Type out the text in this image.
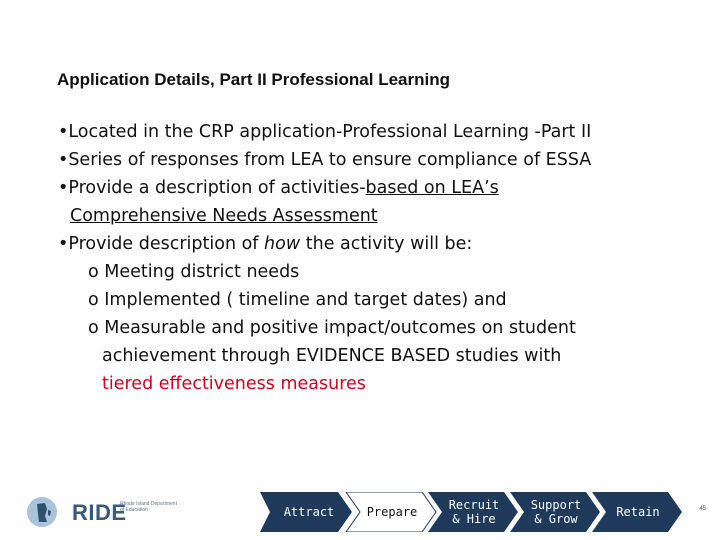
Application Details, Part II Professional Learning
•Located in the CRP application-Professional Learning -Part II
•Series of responses from LEA to ensure compliance of ESSA
•Provide a description of activities-based on LEA’s
Comprehensive Needs Assessment
•Provide description of how the activity will be:
o Meeting district needs
o Implemented ( timeline and target dates) and
o Measurable and positive impact/outcomes on student
achievement through EVIDENCE BASED studies with
tiered effectiveness measures
RIDE
Rhode Island Department of Education	Attract	Prepare	Recruit
& Hire
Support
& Grow	Retain	45
